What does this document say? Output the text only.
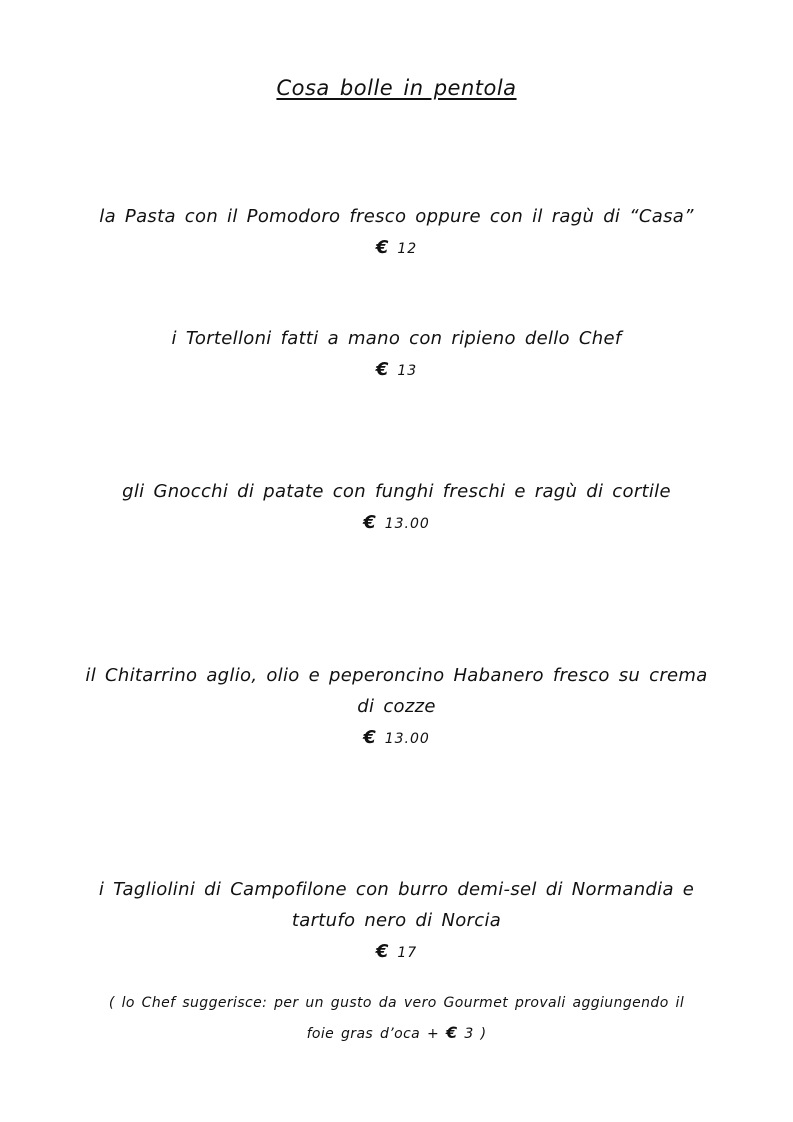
Cosa bolle in pentola
la Pasta con il Pomodoro fresco oppure con il ragù di “Casa”
€ 12
i Tortelloni fatti a mano con ripieno dello Chef
€ 13
gli Gnocchi di patate con funghi freschi e ragù di cortile
€ 13.00
il Chitarrino aglio, olio e peperoncino Habanero fresco su crema
di cozze
€ 13.00
i Tagliolini di Campofilone con burro demi-sel di Normandia e
tartufo nero di Norcia
€ 17
( lo Chef suggerisce: per un gusto da vero Gourmet provali aggiungendo il
foie gras d’oca + € 3 )
